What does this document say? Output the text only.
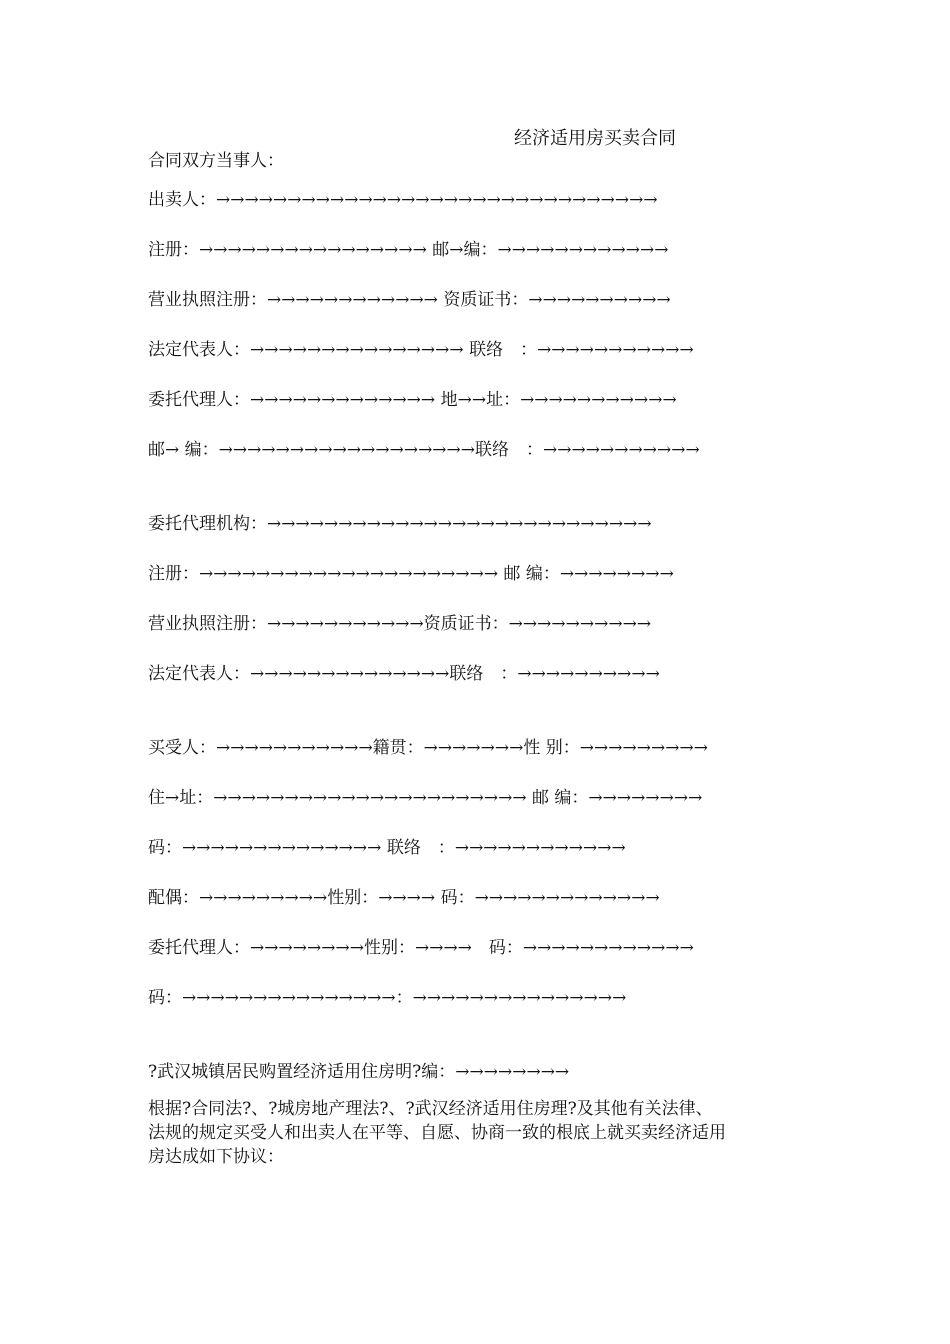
经济适用房买卖合同
合同双方当事人：
出卖人：→→→→→→→→→→→→→→→→→→→→→→→→→→→→→→→
注册：→→→→→→→→→→→→→→→→ 邮→编：→→→→→→→→→→→→
营业执照注册：→→→→→→→→→→→→ 资质证书：→→→→→→→→→→
法定代表人：→→→→→→→→→→→→→→→ 联络　：→→→→→→→→→→→
委托代理人：→→→→→→→→→→→→→ 地→→址：→→→→→→→→→→→
邮→ 编：→→→→→→→→→→→→→→→→→→联络　：→→→→→→→→→→→
委托代理机构：→→→→→→→→→→→→→→→→→→→→→→→→→→→
注册：→→→→→→→→→→→→→→→→→→→→→ 邮 编：→→→→→→→→
营业执照注册：→→→→→→→→→→→资质证书：→→→→→→→→→→
法定代表人：→→→→→→→→→→→→→→联络　：→→→→→→→→→→
买受人：→→→→→→→→→→→籍贯：→→→→→→→性 别：→→→→→→→→→
住→址：→→→→→→→→→→→→→→→→→→→→→→ 邮 编：→→→→→→→→
码：→→→→→→→→→→→→→→ 联络　：→→→→→→→→→→→→
配偶：→→→→→→→→→性别：→→→→ 码：→→→→→→→→→→→→→
委托代理人：→→→→→→→→性别：→→→→　码：→→→→→→→→→→→→
码：→→→→→→→→→→→→→→→：→→→→→→→→→→→→→→→
?武汉城镇居民购置经济适用住房明?编：→→→→→→→→
根据?合同法?、?城房地产理法?、?武汉经济适用住房理?及其他有关法律、
法规的规定买受人和出卖人在平等、自愿、协商一致的根底上就买卖经济适用
房达成如下协议：
